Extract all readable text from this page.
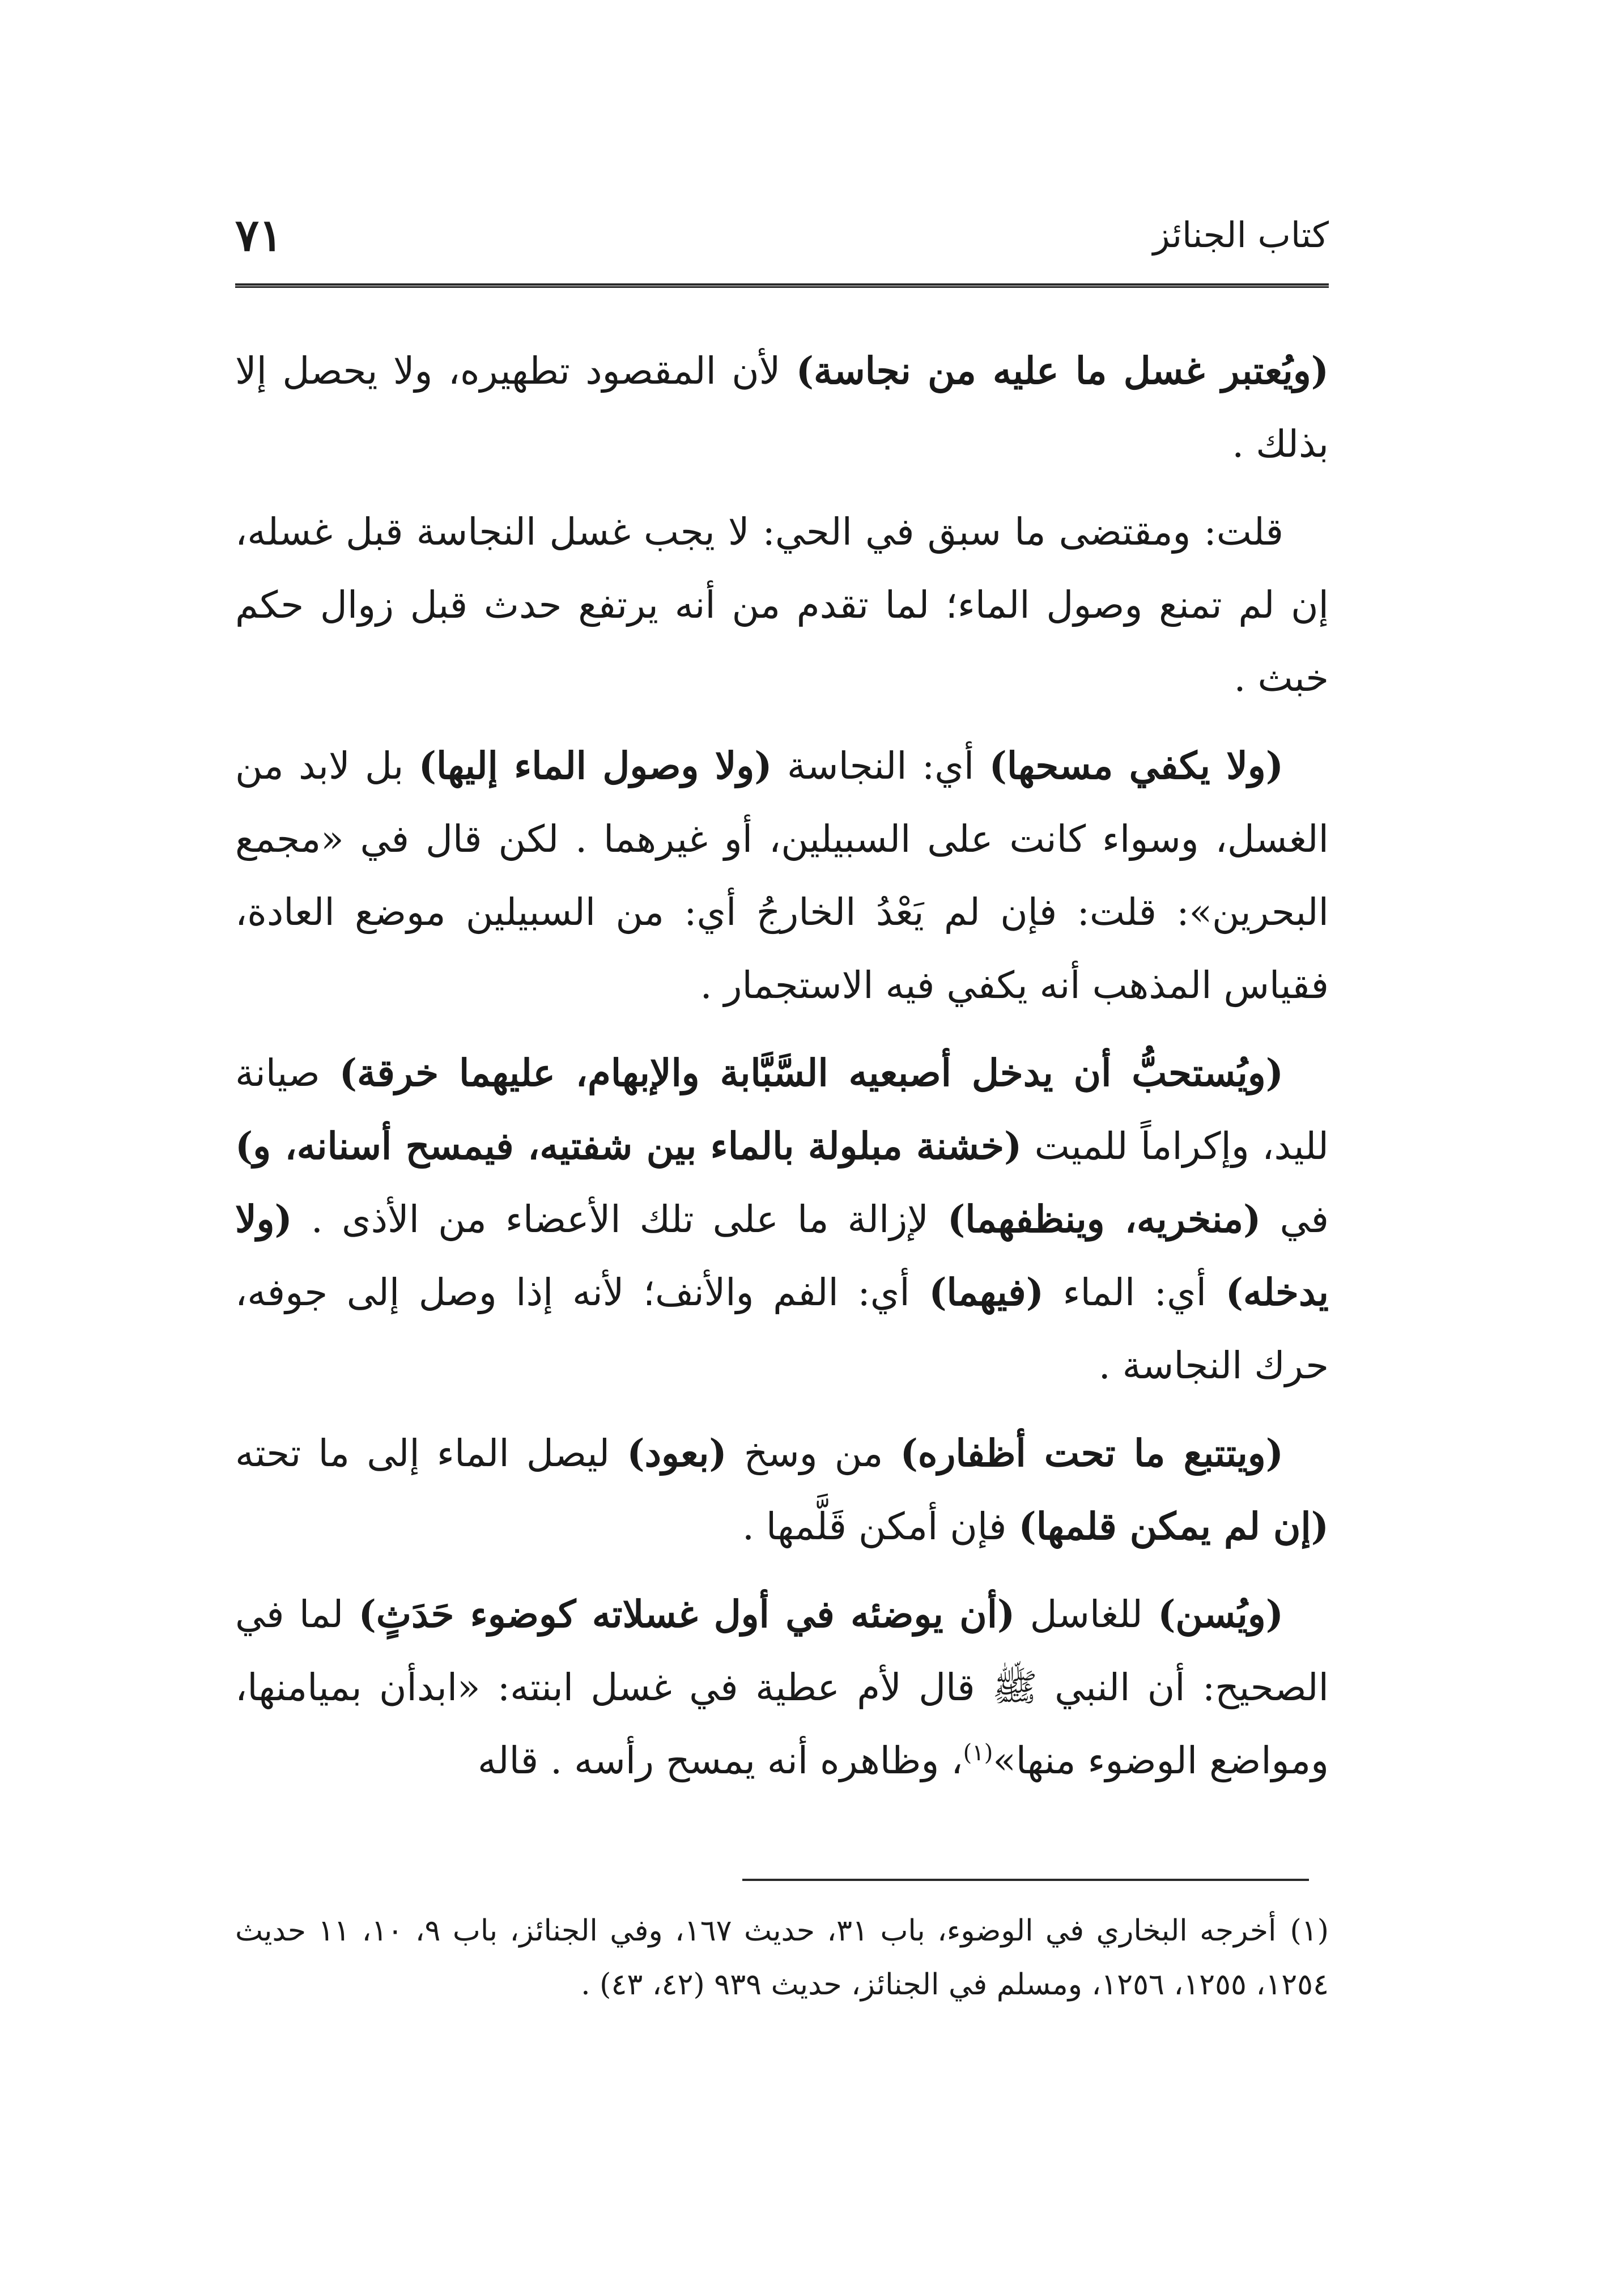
كتاب الجنائز
٧١

(ويُعتبر غسل ما عليه من نجاسة) لأن المقصود تطهيره، ولا يحصل إلا بذلك .

قلت: ومقتضى ما سبق في الحي: لا يجب غسل النجاسة قبل غسله، إن لم تمنع وصول الماء؛ لما تقدم من أنه يرتفع حدث قبل زوال حكم خبث .

(ولا يكفي مسحها) أي: النجاسة (ولا وصول الماء إليها) بل لابد من الغسل، وسواء كانت على السبيلين، أو غيرهما . لكن قال في «مجمع البحرين»: قلت: فإن لم يَعْدُ الخارجُ أي: من السبيلين موضع العادة، فقياس المذهب أنه يكفي فيه الاستجمار .

(ويُستحبُّ أن يدخل أصبعيه السَّبَّابة والإبهام، عليهما خرقة) صيانة لليد، وإكراماً للميت (خشنة مبلولة بالماء بين شفتيه، فيمسح أسنانه، و) في (منخريه، وينظفهما) لإزالة ما على تلك الأعضاء من الأذى . (ولا يدخله) أي: الماء (فيهما) أي: الفم والأنف؛ لأنه إذا وصل إلى جوفه، حرك النجاسة .

(ويتتبع ما تحت أظفاره) من وسخ (بعود) ليصل الماء إلى ما تحته (إن لم يمكن قلمها) فإن أمكن قَلَّمها .

(ويُسن) للغاسل (أن يوضئه في أول غسلاته كوضوء حَدَثٍ) لما في الصحيح: أن النبي ﷺ قال لأم عطية في غسل ابنته: «ابدأن بميامنها، ومواضع الوضوء منها»$^{(١)}$، وظاهره أنه يمسح رأسه . قاله

(١)أخرجه البخاري في الوضوء، باب ٣١، حديث ١٦٧، وفي الجنائز، باب ٩، ١٠، ١١ حديث ١٢٥٤، ١٢٥٥، ١٢٥٦، ومسلم في الجنائز، حديث ٩٣٩ (٤٢، ٤٣) .
